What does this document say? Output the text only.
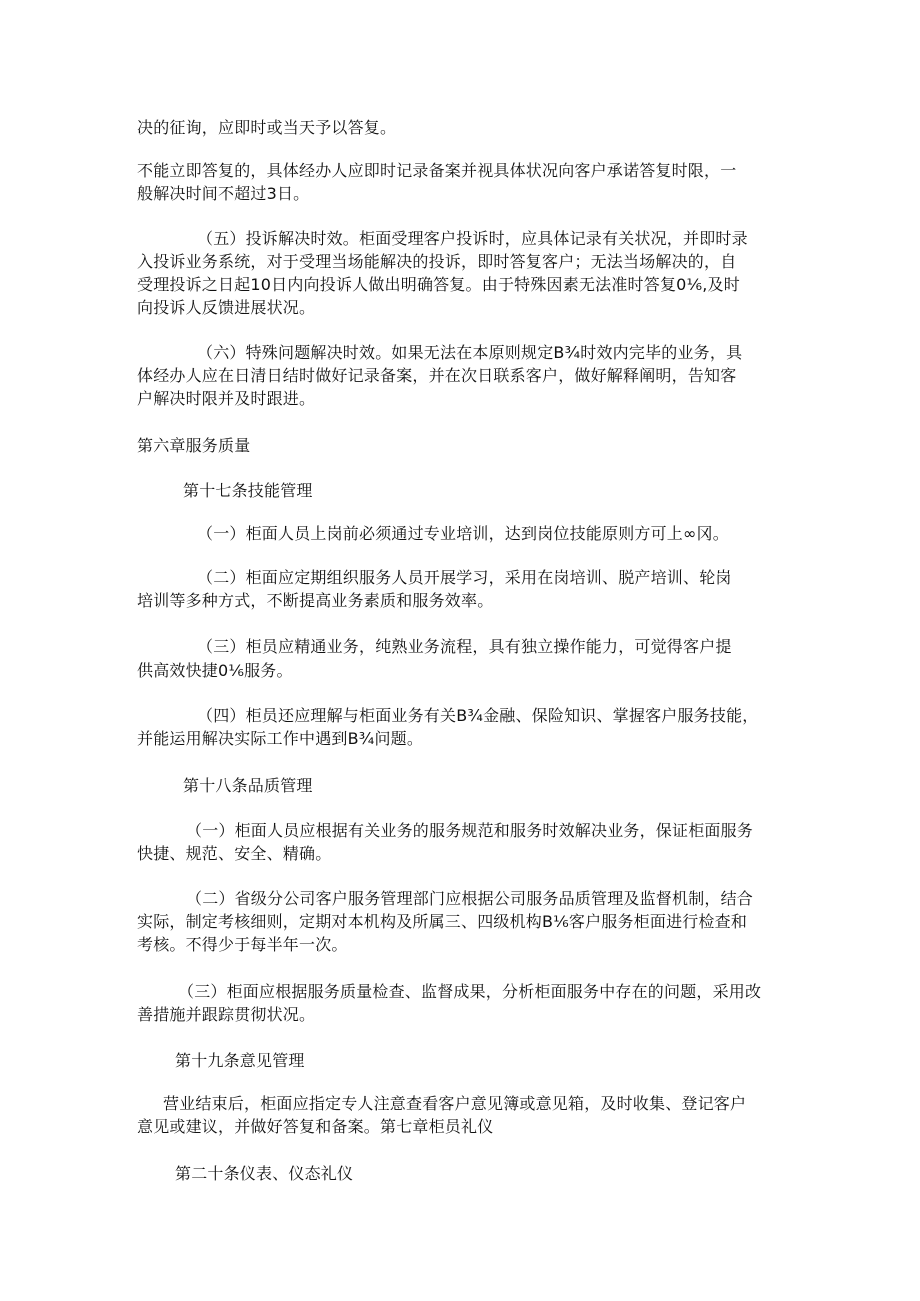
决的征询，应即时或当天予以答复。
不能立即答复的，具体经办人应即时记录备案并视具体状况向客户承诺答复时限，一
般解决时间不超过3日。
（五）投诉解决时效。柜面受理客户投诉时，应具体记录有关状况，并即时录
入投诉业务系统，对于受理当场能解决的投诉，即时答复客户；无法当场解决的，自
受理投诉之日起10日内向投诉人做出明确答复。由于特殊因素无法准时答复0⅙,及时
向投诉人反馈进展状况。
（六）特殊问题解决时效。如果无法在本原则规定B¾时效内完毕的业务，具
体经办人应在日清日结时做好记录备案，并在次日联系客户，做好解释阐明，告知客
户解决时限并及时跟进。
第六章服务质量
第十七条技能管理
（一）柜面人员上岗前必须通过专业培训，达到岗位技能原则方可上∞冈。
（二）柜面应定期组织服务人员开展学习，采用在岗培训、脱产培训、轮岗
培训等多种方式，不断提高业务素质和服务效率。
（三）柜员应精通业务，纯熟业务流程，具有独立操作能力，可觉得客户提
供高效快捷0⅙服务。
（四）柜员还应理解与柜面业务有关B¾金融、保险知识、掌握客户服务技能，
并能运用解决实际工作中遇到B¾问题。
第十八条品质管理
（一）柜面人员应根据有关业务的服务规范和服务时效解决业务，保证柜面服务
快捷、规范、安全、精确。
（二）省级分公司客户服务管理部门应根据公司服务品质管理及监督机制，结合
实际，制定考核细则，定期对本机构及所属三、四级机构B⅙客户服务柜面进行检查和
考核。不得少于每半年一次。
（三）柜面应根据服务质量检查、监督成果，分析柜面服务中存在的问题，采用改
善措施并跟踪贯彻状况。
第十九条意见管理
营业结束后，柜面应指定专人注意查看客户意见簿或意见箱，及时收集、登记客户
意见或建议，并做好答复和备案。第七章柜员礼仪
第二十条仪表、仪态礼仪
